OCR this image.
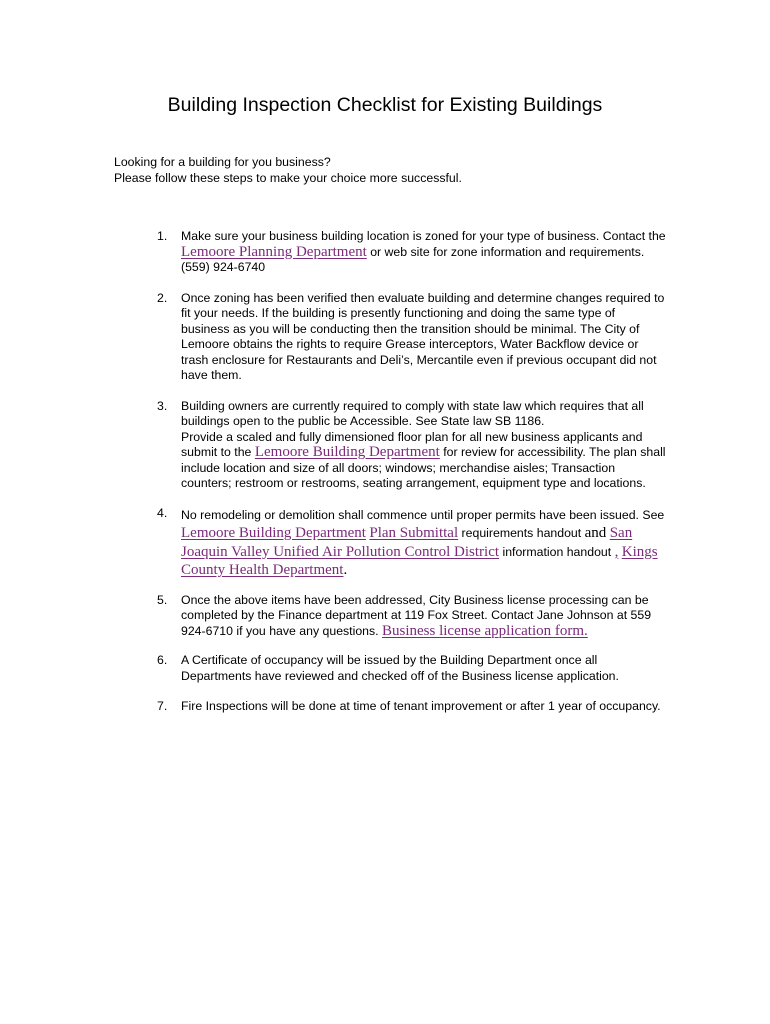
Building Inspection Checklist for Existing Buildings

Looking for a building for you business?

Please follow these steps to make your choice more successful.

1. Make sure your business building location is zoned for your type of business. Contact the Lemoore Planning Department or web site for zone information and requirements. (559) 924-6740

2. Once zoning has been verified then evaluate building and determine changes required to fit your needs. If the building is presently functioning and doing the same type of business as you will be conducting then the transition should be minimal. The City of Lemoore obtains the rights to require Grease interceptors, Water Backflow device or trash enclosure for Restaurants and Deli’s, Mercantile even if previous occupant did not have them.

3. Building owners are currently required to comply with state law which requires that all buildings open to the public be Accessible. See State law SB 1186.
Provide a scaled and fully dimensioned floor plan for all new business applicants and submit to the Lemoore Building Department for review for accessibility. The plan shall include location and size of all doors; windows; merchandise aisles; Transaction counters; restroom or restrooms, seating arrangement, equipment type and locations.

4. No remodeling or demolition shall commence until proper permits have been issued. See Lemoore Building Department Plan Submittal requirements handout and San Joaquin Valley Unified Air Pollution Control District information handout , Kings County Health Department.

5. Once the above items have been addressed, City Business license processing can be completed by the Finance department at 119 Fox Street. Contact Jane Johnson at 559 924-6710 if you have any questions. Business license application form.

6. A Certificate of occupancy will be issued by the Building Department once all Departments have reviewed and checked off of the Business license application.

7. Fire Inspections will be done at time of tenant improvement or after 1 year of occupancy.
